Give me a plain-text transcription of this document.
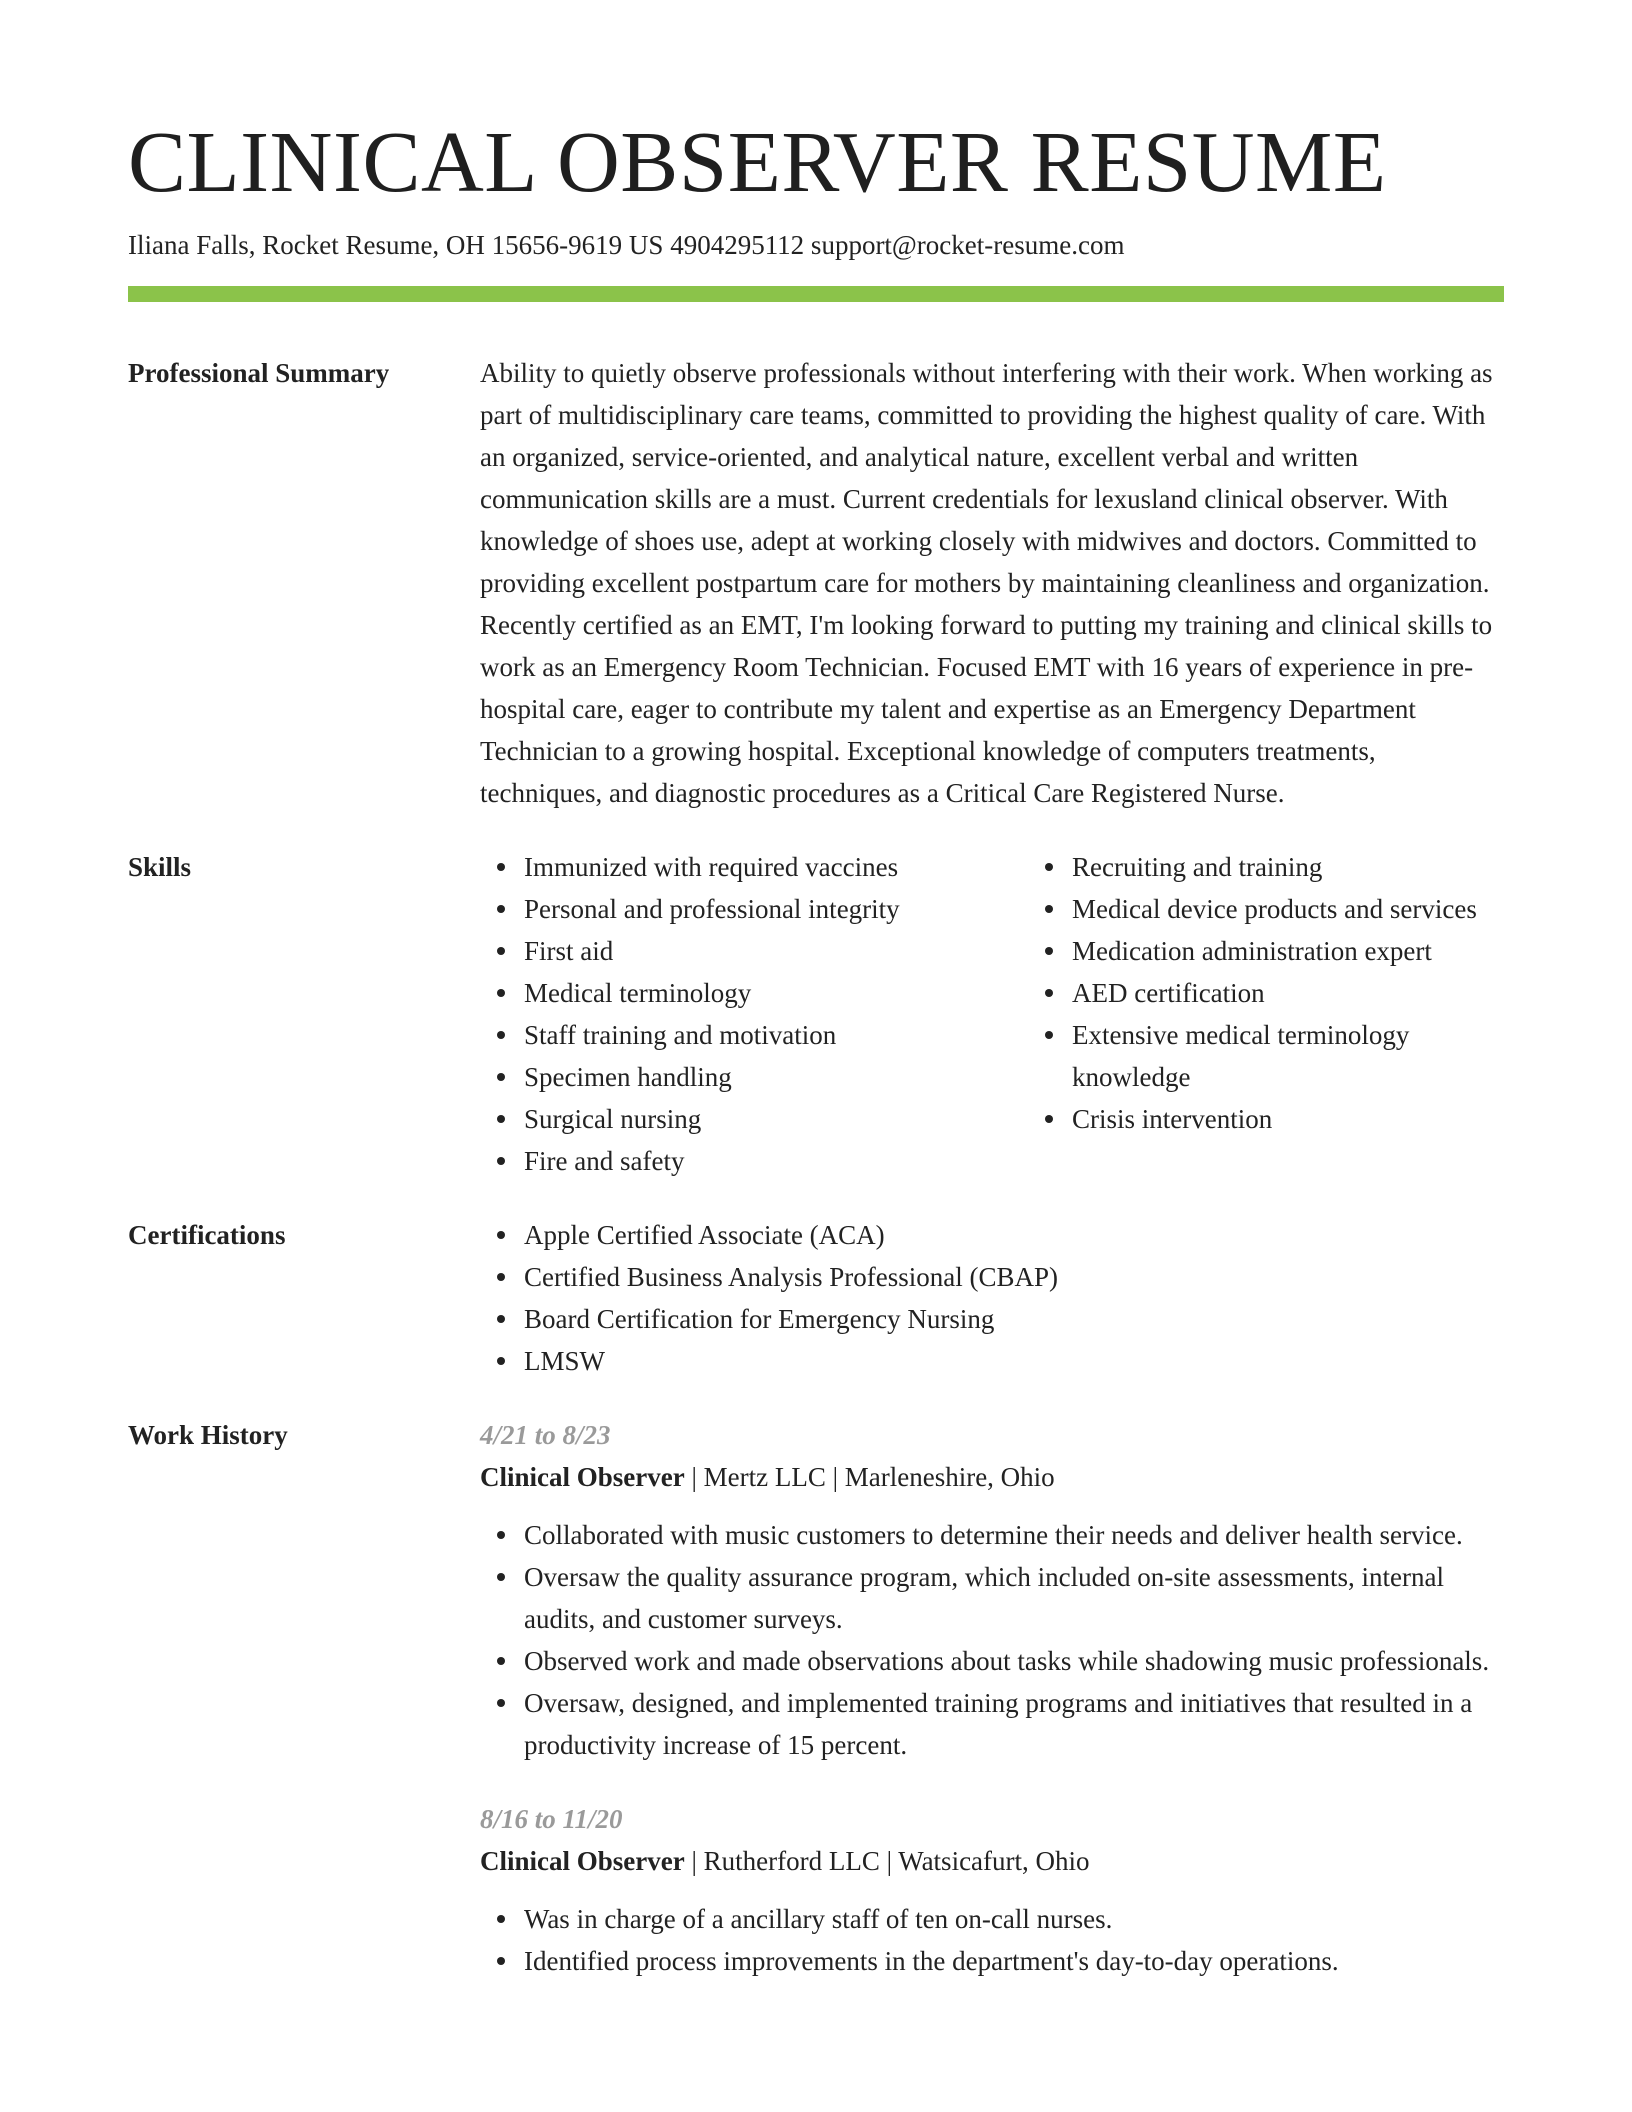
CLINICAL OBSERVER RESUME
Iliana Falls, Rocket Resume, OH 15656-9619 US 4904295112 support@rocket-resume.com
Professional Summary	Ability to quietly observe professionals without interfering with their work. When working as part of multidisciplinary care teams, committed to providing the highest quality of care. With an organized, service-oriented, and analytical nature, excellent verbal and written communication skills are a must. Current credentials for lexusland clinical observer. With knowledge of shoes use, adept at working closely with midwives and doctors. Committed to providing excellent postpartum care for mothers by maintaining cleanliness and organization. Recently certified as an EMT, I'm looking forward to putting my training and clinical skills to work as an Emergency Room Technician. Focused EMT with 16 years of experience in pre-hospital care, eager to contribute my talent and expertise as an Emergency Department Technician to a growing hospital. Exceptional knowledge of computers treatments, techniques, and diagnostic procedures as a Critical Care Registered Nurse.

Skills	Immunized with required vaccines
Personal and professional integrity
First aid
Medical terminology
Staff training and motivation
Specimen handling
Surgical nursing
Fire and safety
Recruiting and training
Medical device products and services
Medication administration expert
AED certification
Extensive medical terminology knowledge
Crisis intervention
Certifications	Apple Certified Associate (ACA)
Certified Business Analysis Professional (CBAP)
Board Certification for Emergency Nursing
LMSW
Work History	4/21 to 8/23
Clinical Observer | Mertz LLC | Marleneshire, Ohio
Collaborated with music customers to determine their needs and deliver health service.
Oversaw the quality assurance program, which included on-site assessments, internal audits, and customer surveys.
Observed work and made observations about tasks while shadowing music professionals.
Oversaw, designed, and implemented training programs and initiatives that resulted in a productivity increase of 15 percent.
8/16 to 11/20
Clinical Observer | Rutherford LLC | Watsicafurt, Ohio
Was in charge of a ancillary staff of ten on-call nurses.
Identified process improvements in the department's day-to-day operations.
